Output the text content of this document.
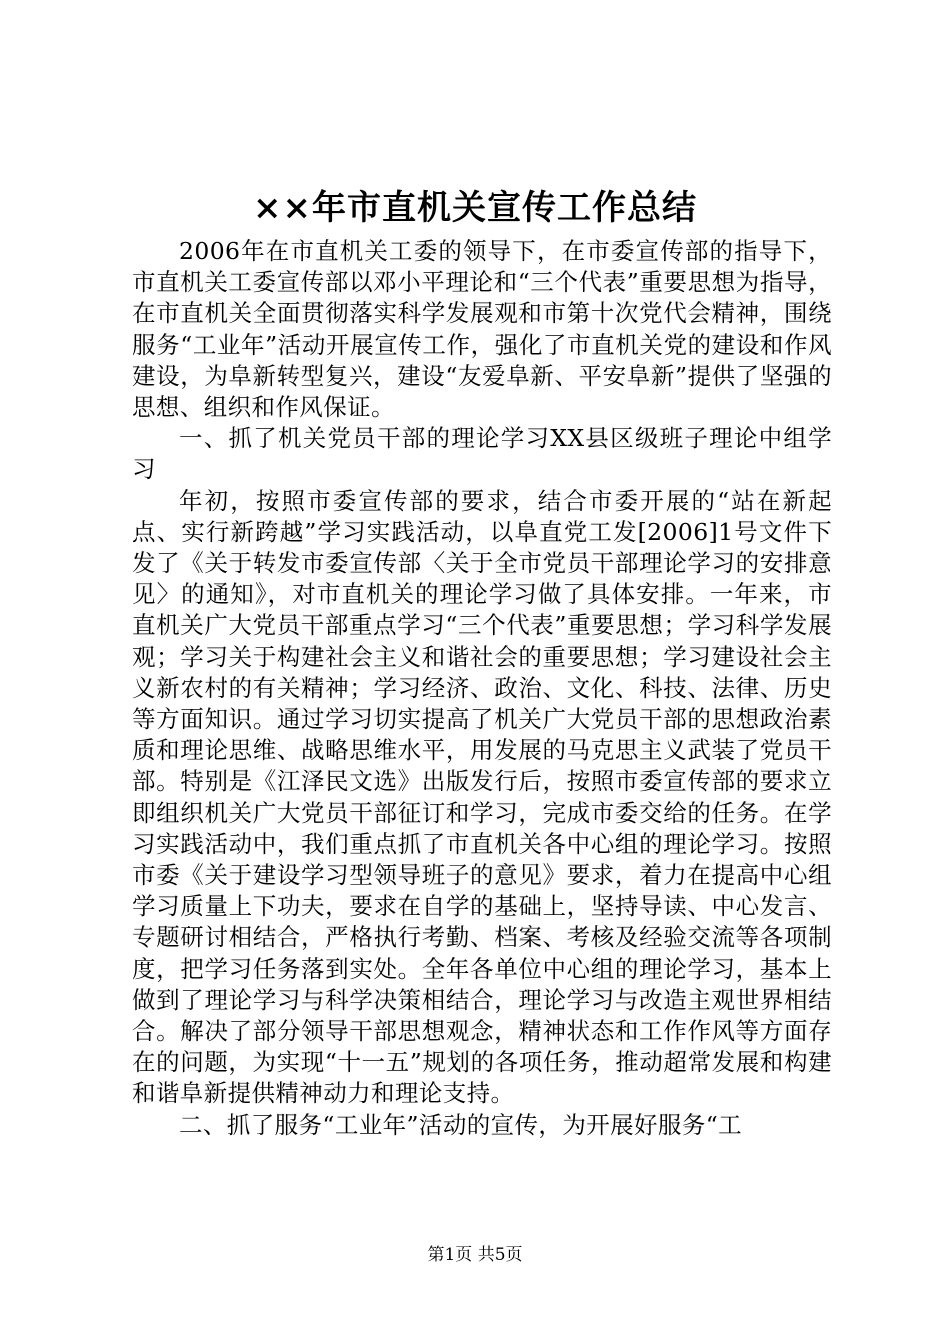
××年市直机关宣传工作总结

2006年在市直机关工委的领导下，在市委宣传部的指导下，市直机关工委宣传部以邓小平理论和“三个代表”重要思想为指导，在市直机关全面贯彻落实科学发展观和市第十次党代会精神，围绕服务“工业年”活动开展宣传工作，强化了市直机关党的建设和作风建设，为阜新转型复兴，建设“友爱阜新、平安阜新”提供了坚强的思想、组织和作风保证。

一、抓了机关党员干部的理论学习XX县区级班子理论中组学习

年初，按照市委宣传部的要求，结合市委开展的“站在新起点、实行新跨越”学习实践活动，以阜直党工发[2006]1号文件下发了《关于转发市委宣传部〈关于全市党员干部理论学习的安排意见〉的通知》，对市直机关的理论学习做了具体安排。一年来，市直机关广大党员干部重点学习“三个代表”重要思想；学习科学发展观；学习关于构建社会主义和谐社会的重要思想；学习建设社会主义新农村的有关精神；学习经济、政治、文化、科技、法律、历史等方面知识。通过学习切实提高了机关广大党员干部的思想政治素质和理论思维、战略思维水平，用发展的马克思主义武装了党员干部。特别是《江泽民文选》出版发行后，按照市委宣传部的要求立即组织机关广大党员干部征订和学习，完成市委交给的任务。在学习实践活动中，我们重点抓了市直机关各中心组的理论学习。按照市委《关于建设学习型领导班子的意见》要求，着力在提高中心组学习质量上下功夫，要求在自学的基础上，坚持导读、中心发言、专题研讨相结合，严格执行考勤、档案、考核及经验交流等各项制度，把学习任务落到实处。全年各单位中心组的理论学习，基本上做到了理论学习与科学决策相结合，理论学习与改造主观世界相结合。解决了部分领导干部思想观念，精神状态和工作作风等方面存在的问题，为实现“十一五”规划的各项任务，推动超常发展和构建和谐阜新提供精神动力和理论支持。

二、抓了服务“工业年”活动的宣传，为开展好服务“工

第1页 共5页
